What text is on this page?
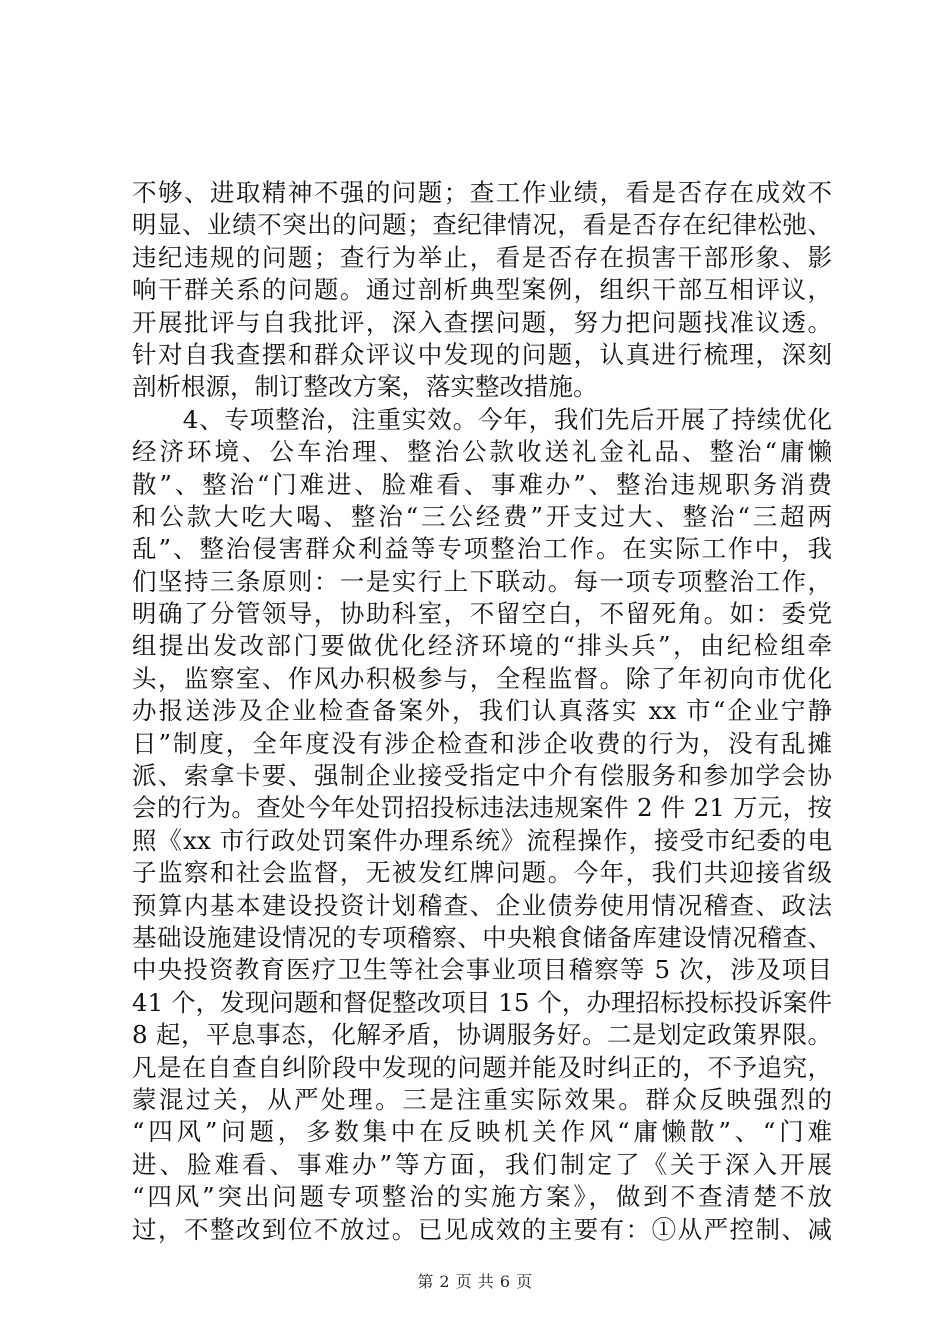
不够、进取精神不强的问题；查工作业绩，看是否存在成效不
明显、业绩不突出的问题；查纪律情况，看是否存在纪律松弛、
违纪违规的问题；查行为举止，看是否存在损害干部形象、影
响干群关系的问题。通过剖析典型案例，组织干部互相评议，
开展批评与自我批评，深入查摆问题，努力把问题找准议透。
针对自我查摆和群众评议中发现的问题，认真进行梳理，深刻
剖析根源，制订整改方案，落实整改措施。
　　4、专项整治，注重实效。今年，我们先后开展了持续优化
经济环境、公车治理、整治公款收送礼金礼品、整治“庸懒
散”、整治“门难进、脸难看、事难办”、整治违规职务消费
和公款大吃大喝、整治“三公经费”开支过大、整治“三超两
乱”、整治侵害群众利益等专项整治工作。在实际工作中，我
们坚持三条原则：一是实行上下联动。每一项专项整治工作，
明确了分管领导，协助科室，不留空白，不留死角。如：委党
组提出发改部门要做优化经济环境的“排头兵”，由纪检组牵
头，监察室、作风办积极参与，全程监督。除了年初向市优化
办报送涉及企业检查备案外，我们认真落实 xx 市“企业宁静
日”制度，全年度没有涉企检查和涉企收费的行为，没有乱摊
派、索拿卡要、强制企业接受指定中介有偿服务和参加学会协
会的行为。查处今年处罚招投标违法违规案件 2 件 21 万元，按
照《xx 市行政处罚案件办理系统》流程操作，接受市纪委的电
子监察和社会监督，无被发红牌问题。今年，我们共迎接省级
预算内基本建设投资计划稽查、企业债券使用情况稽查、政法
基础设施建设情况的专项稽察、中央粮食储备库建设情况稽查、
中央投资教育医疗卫生等社会事业项目稽察等 5 次，涉及项目
41 个，发现问题和督促整改项目 15 个，办理招标投标投诉案件
8 起，平息事态，化解矛盾，协调服务好。二是划定政策界限。
凡是在自查自纠阶段中发现的问题并能及时纠正的，不予追究，
蒙混过关，从严处理。三是注重实际效果。群众反映强烈的
“四风”问题，多数集中在反映机关作风“庸懒散”、“门难
进、脸难看、事难办”等方面，我们制定了《关于深入开展
“四风”突出问题专项整治的实施方案》，做到不查清楚不放
过，不整改到位不放过。已见成效的主要有：①从严控制、减
第 2 页 共 6 页
